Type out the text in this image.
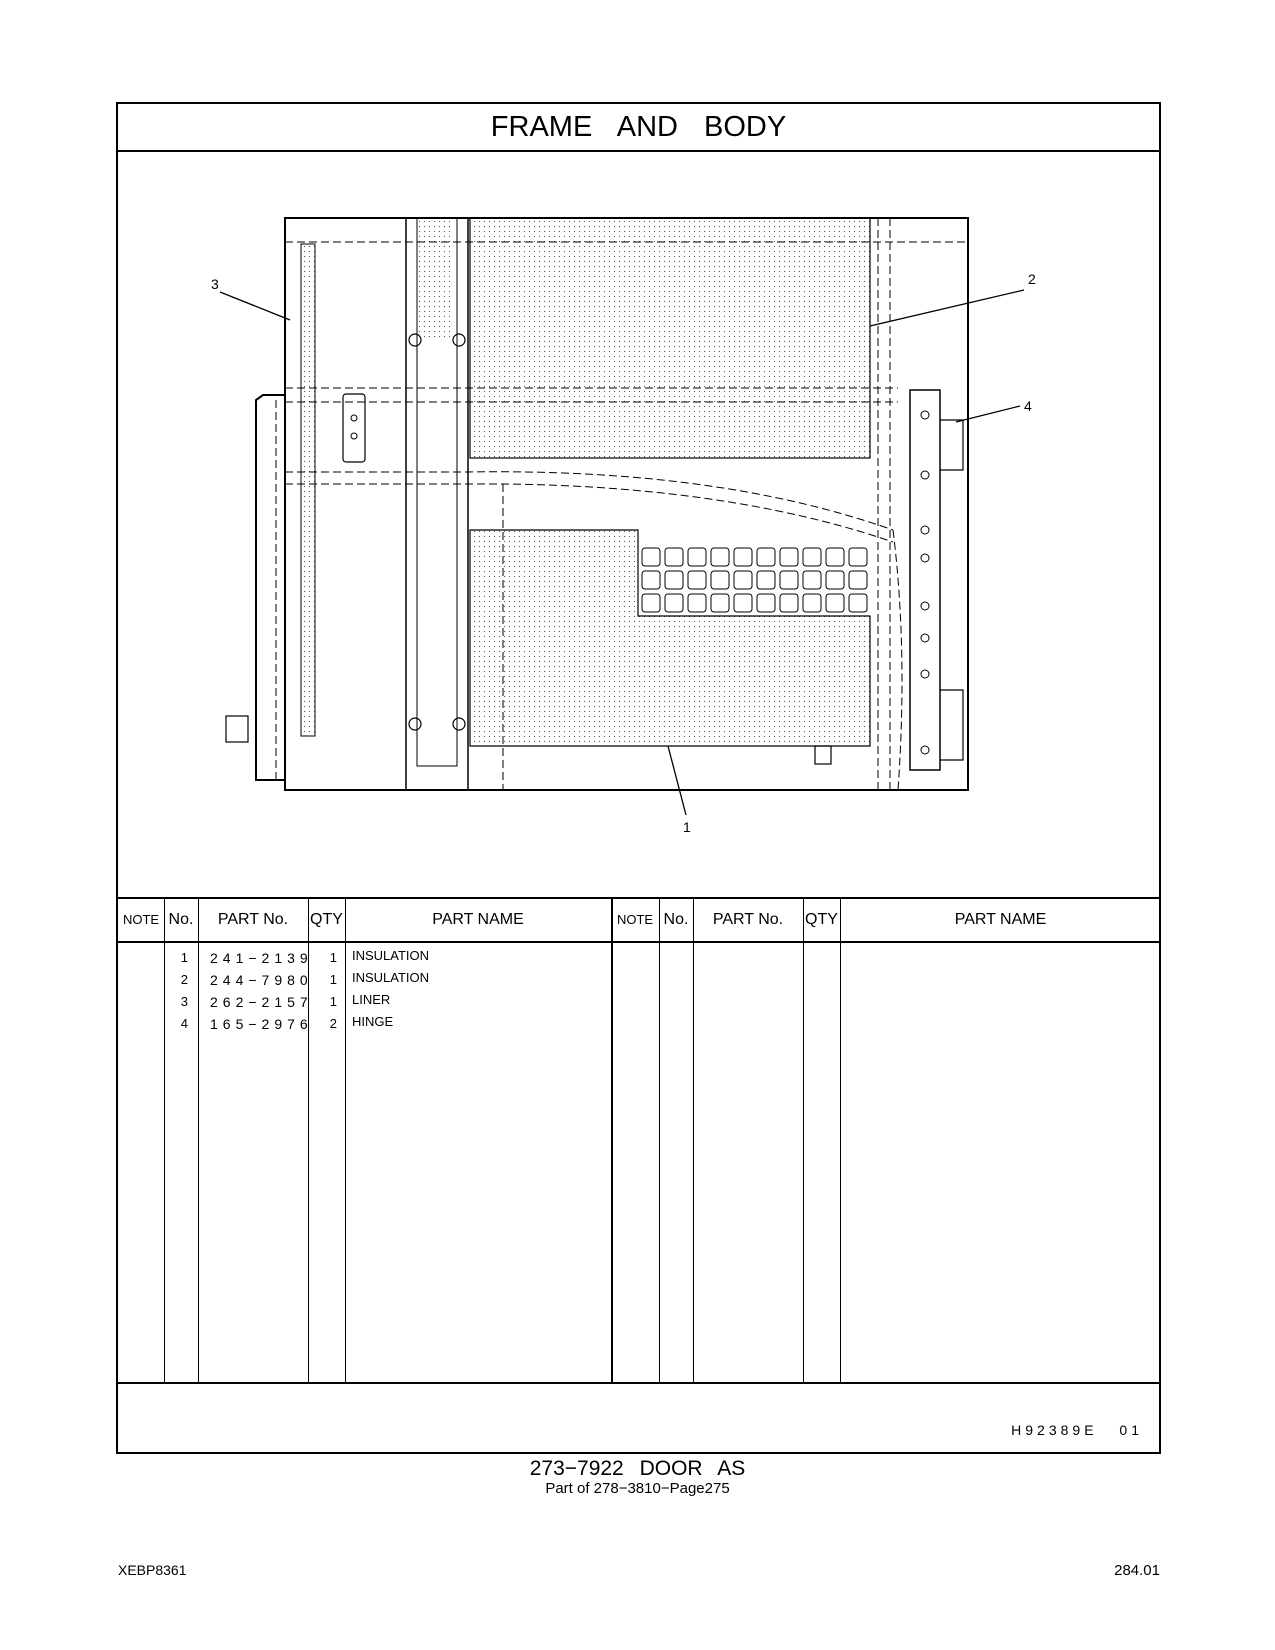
FRAME AND BODY
3	2
4
1
NOTE No.	PART No.	QTY	PART NAME	NOTE No.	PART No.	QTY	PART NAME
1 241−2139	1 INSULATION
2 244−7980	1 INSULATION
3 262−2157	1 LINER
4 165−2976	2 HINGE
H92389E 01
273−7922 DOOR AS
Part of 278−3810−Page275
XEBP8361	284.01
